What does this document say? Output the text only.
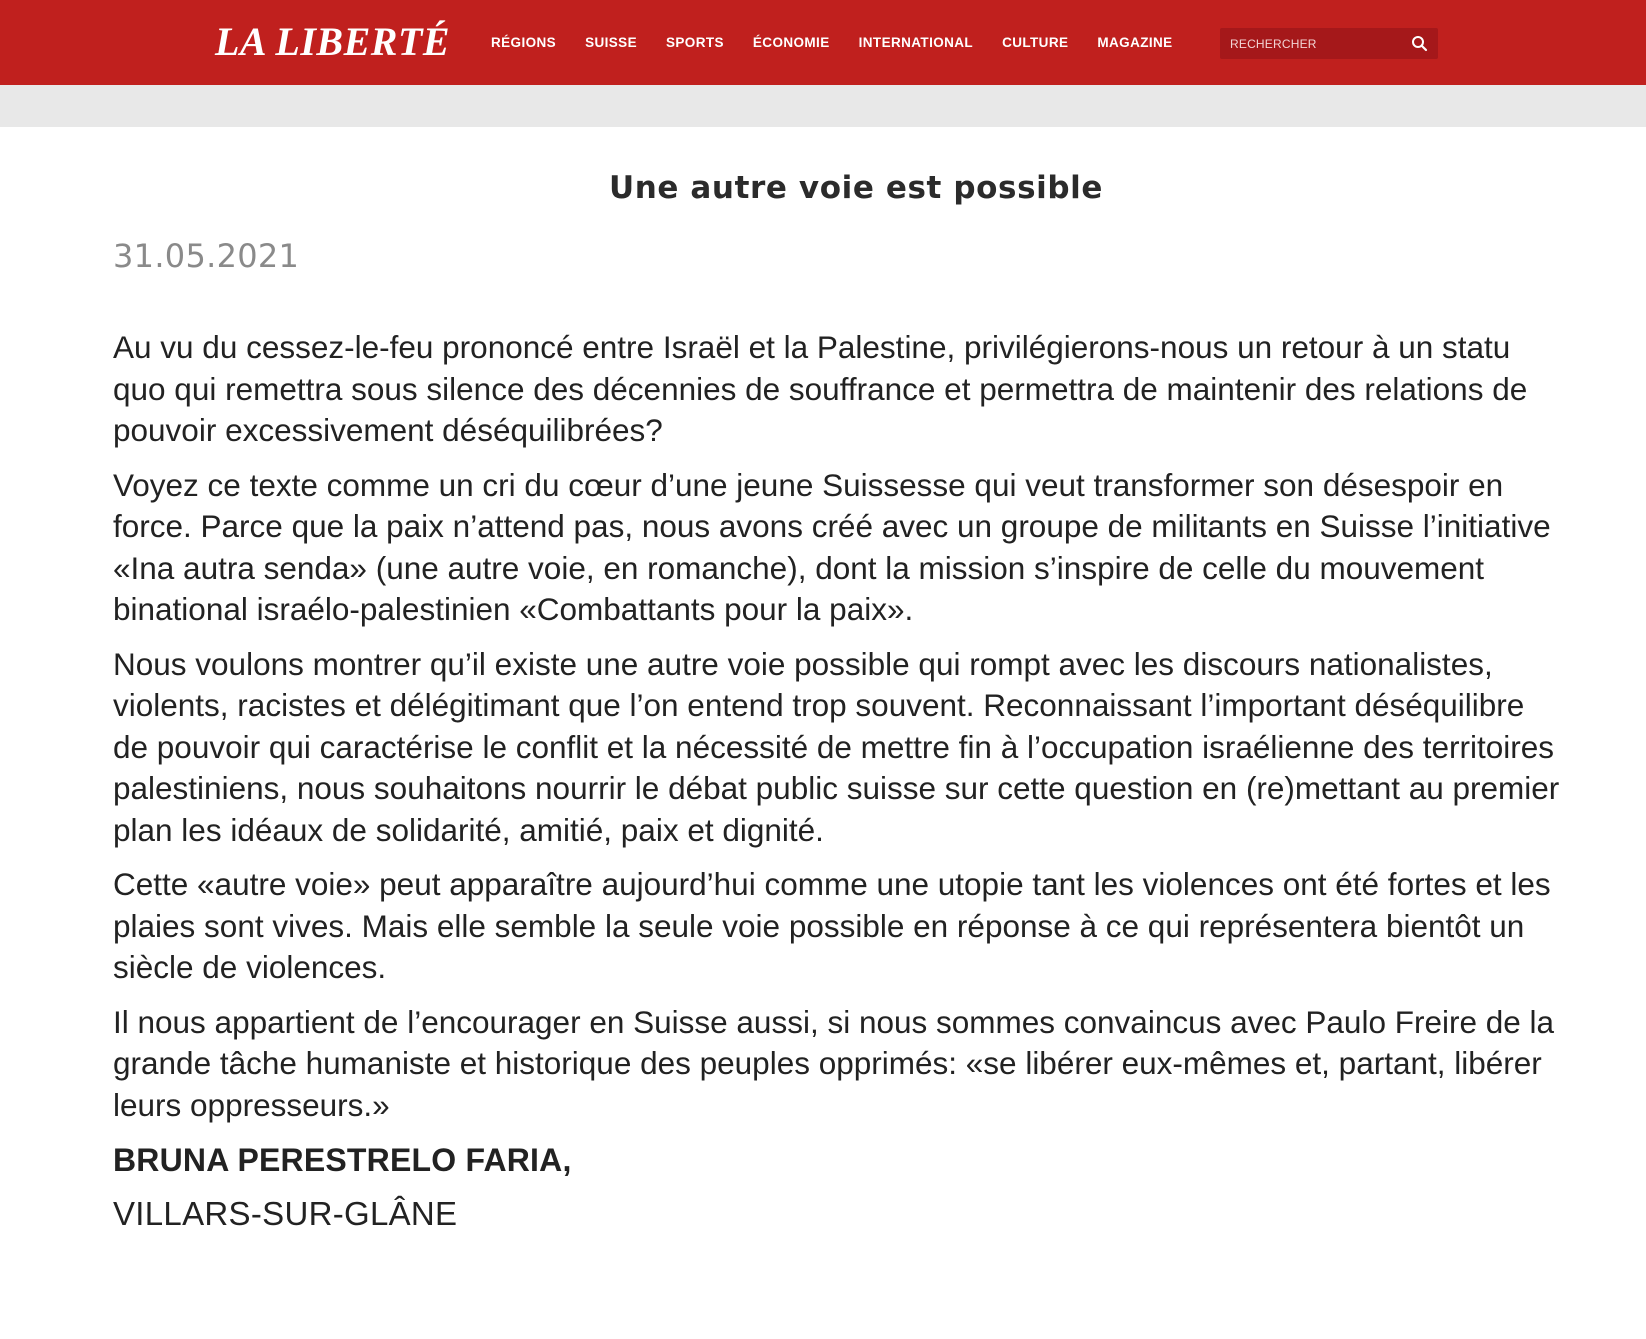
LA LIBERTÉ	RÉGIONS SUISSE SPORTS ÉCONOMIE INTERNATIONAL CULTURE MAGAZINE
RECHERCHER
Une autre voie est possible
31.05.2021

Au vu du cessez-le-feu prononcé entre Israël et la Palestine, privilégierons-nous un retour à un statu quo qui remettra sous silence des décennies de souffrance et permettra de maintenir des relations de pouvoir excessivement déséquilibrées?

Voyez ce texte comme un cri du cœur d’une jeune Suissesse qui veut transformer son désespoir en force. Parce que la paix n’attend pas, nous avons créé avec un groupe de militants en Suisse l’initiative «Ina autra senda» (une autre voie, en romanche), dont la mission s’inspire de celle du mouvement binational israélo-palestinien «Combattants pour la paix».

Nous voulons montrer qu’il existe une autre voie possible qui rompt avec les discours nationalistes, violents, racistes et délégitimant que l’on entend trop souvent. Reconnaissant l’important déséquilibre de pouvoir qui caractérise le conflit et la nécessité de mettre fin à l’occupation israélienne des territoires palestiniens, nous souhaitons nourrir le débat public suisse sur cette question en (re)mettant au premier plan les idéaux de solidarité, amitié, paix et dignité.

Cette «autre voie» peut apparaître aujourd’hui comme une utopie tant les violences ont été fortes et les plaies sont vives. Mais elle semble la seule voie possible en réponse à ce qui représentera bientôt un siècle de violences.

Il nous appartient de l’encourager en Suisse aussi, si nous sommes convaincus avec Paulo Freire de la grande tâche humaniste et historique des peuples opprimés: «se libérer eux-mêmes et, partant, libérer leurs oppresseurs.»

BRUNA PERESTRELO FARIA,
VILLARS-SUR-GLÂNE
